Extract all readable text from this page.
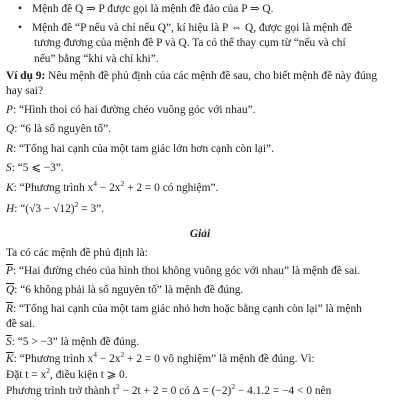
• Mệnh đề Q ⇒ P được gọi là mệnh đề đảo của P ⇒ Q.
• Mệnh đề “P nếu và chỉ nếu Q”, kí hiệu là P ⇔ Q, được gọi là mệnh đề
tương đương của mệnh đề P và Q. Ta có thể thay cụm từ “nếu và chỉ
nếu” bằng “khi và chỉ khi”.
Ví dụ 9: Nêu mệnh đề phủ định của các mệnh đề sau, cho biết mệnh đề này đúng
hay sai?
P: “Hình thoi có hai đường chéo vuông góc với nhau”.
Q: “6 là số nguyên tố”.
R: “Tổng hai cạnh của một tam giác lớn hơn cạnh còn lại”.
S: “5 ⩽ −3”.
K: “Phương trình $x^4 - 2x^2 + 2 = 0$ có nghiệm”.
H: “$(√3 - √12)^2 = 3$”.
Giải
Ta có các mệnh đề phủ định là:
$\overline{P}$: “Hai đường chéo của hình thoi không vuông góc với nhau” là mệnh đề sai.
$\overline{Q}$: “6 không phải là số nguyên tố” là mệnh đề đúng.
$\overline{R}$: “Tổng hai cạnh của một tam giác nhỏ hơn hoặc bằng cạnh còn lại” là mệnh
đề sai.
$\overline{S}$: “5 > −3” là mệnh đề đúng.
$\overline{K}$: “Phương trình $x^4 - 2x^2 + 2 = 0$ vô nghiệm” là mệnh đề đúng. Vì:
Đặt $t = x^2$, điều kiện t ⩾ 0.
Phương trình trở thành $t^2 - 2t + 2 = 0$ có $\Delta = (-2)^2 - 4.1.2 = -4 < 0$ nên
